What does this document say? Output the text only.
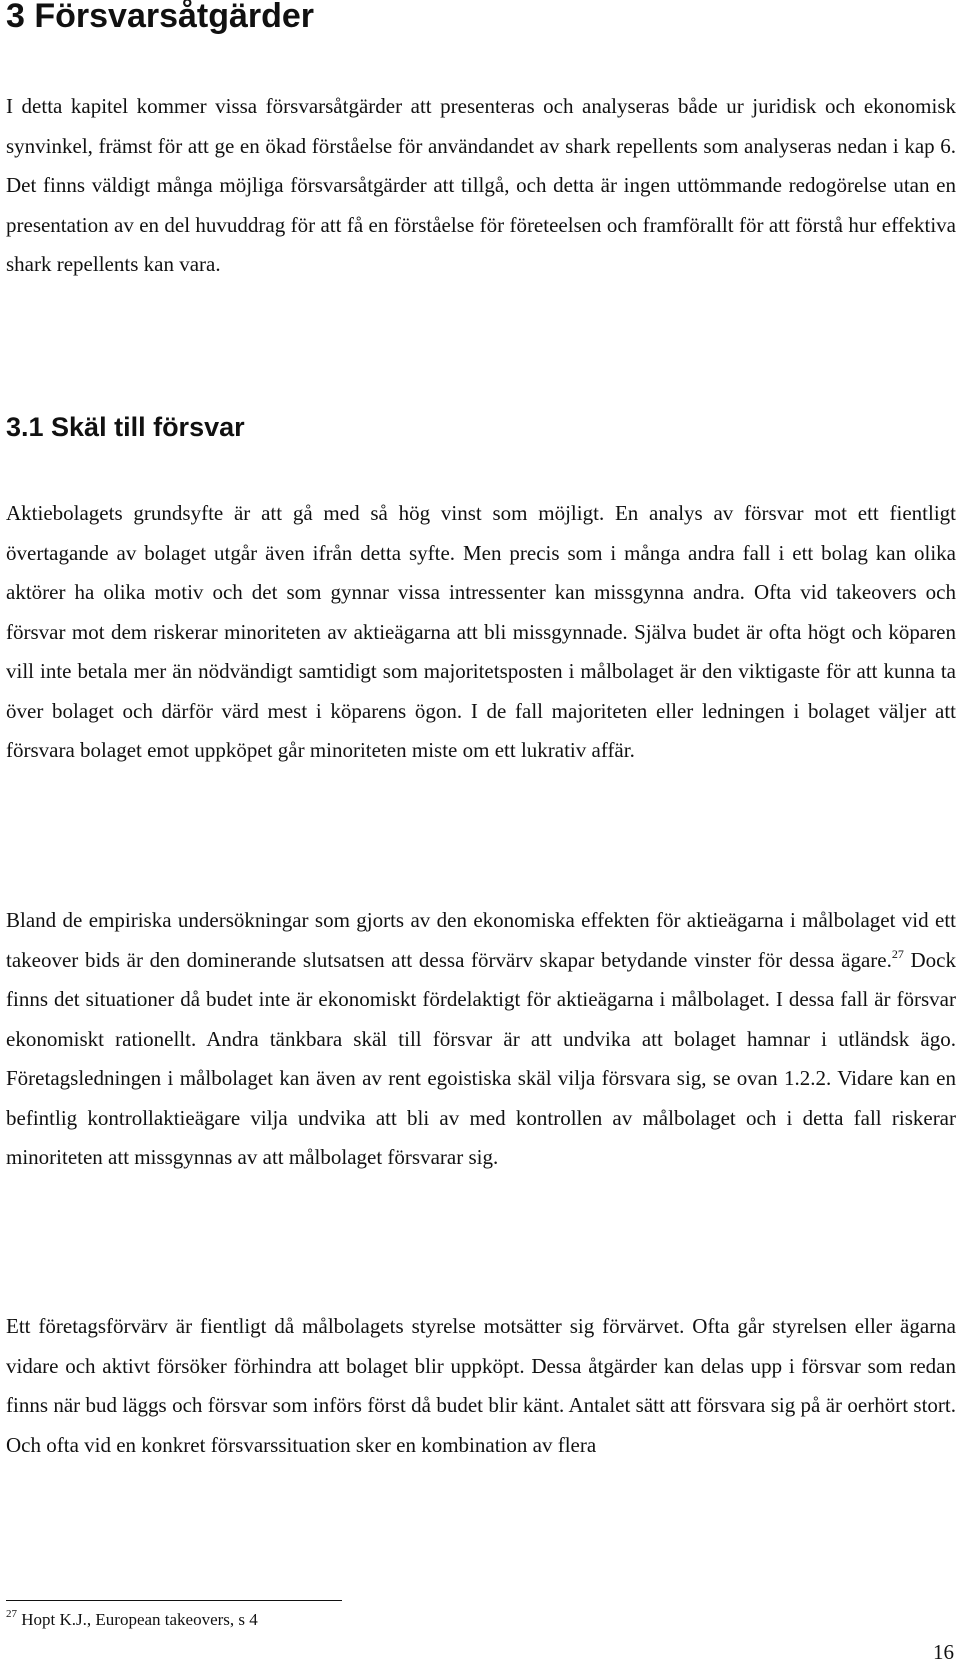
3 Försvarsåtgärder

I detta kapitel kommer vissa försvarsåtgärder att presenteras och analyseras både ur juridisk och ekonomisk synvinkel, främst för att ge en ökad förståelse för användandet av shark repellents som analyseras nedan i kap 6. Det finns väldigt många möjliga försvarsåtgärder att tillgå, och detta är ingen uttömmande redogörelse utan en presentation av en del huvuddrag för att få en förståelse för företeelsen och framförallt för att förstå hur effektiva shark repellents kan vara.

3.1 Skäl till försvar

Aktiebolagets grundsyfte är att gå med så hög vinst som möjligt. En analys av försvar mot ett fientligt övertagande av bolaget utgår även ifrån detta syfte. Men precis som i många andra fall i ett bolag kan olika aktörer ha olika motiv och det som gynnar vissa intressenter kan missgynna andra. Ofta vid takeovers och försvar mot dem riskerar minoriteten av aktieägarna att bli missgynnade. Själva budet är ofta högt och köparen vill inte betala mer än nödvändigt samtidigt som majoritetsposten i målbolaget är den viktigaste för att kunna ta över bolaget och därför värd mest i köparens ögon. I de fall majoriteten eller ledningen i bolaget väljer att försvara bolaget emot uppköpet går minoriteten miste om ett lukrativ affär.

Bland de empiriska undersökningar som gjorts av den ekonomiska effekten för aktieägarna i målbolaget vid ett takeover bids är den dominerande slutsatsen att dessa förvärv skapar betydande vinster för dessa ägare.$^{27}$ Dock finns det situationer då budet inte är ekonomiskt fördelaktigt för aktieägarna i målbolaget. I dessa fall är försvar ekonomiskt rationellt. Andra tänkbara skäl till försvar är att undvika att bolaget hamnar i utländsk ägo. Företagsledningen i målbolaget kan även av rent egoistiska skäl vilja försvara sig, se ovan 1.2.2. Vidare kan en befintlig kontrollaktieägare vilja undvika att bli av med kontrollen av målbolaget och i detta fall riskerar minoriteten att missgynnas av att målbolaget försvarar sig.

Ett företagsförvärv är fientligt då målbolagets styrelse motsätter sig förvärvet. Ofta går styrelsen eller ägarna vidare och aktivt försöker förhindra att bolaget blir uppköpt. Dessa åtgärder kan delas upp i försvar som redan finns när bud läggs och försvar som införs först då budet blir känt. Antalet sätt att försvara sig på är oerhört stort. Och ofta vid en konkret försvarssituation sker en kombination av flera

$^{27}$ Hopt K.J., European takeovers, s 4

16
